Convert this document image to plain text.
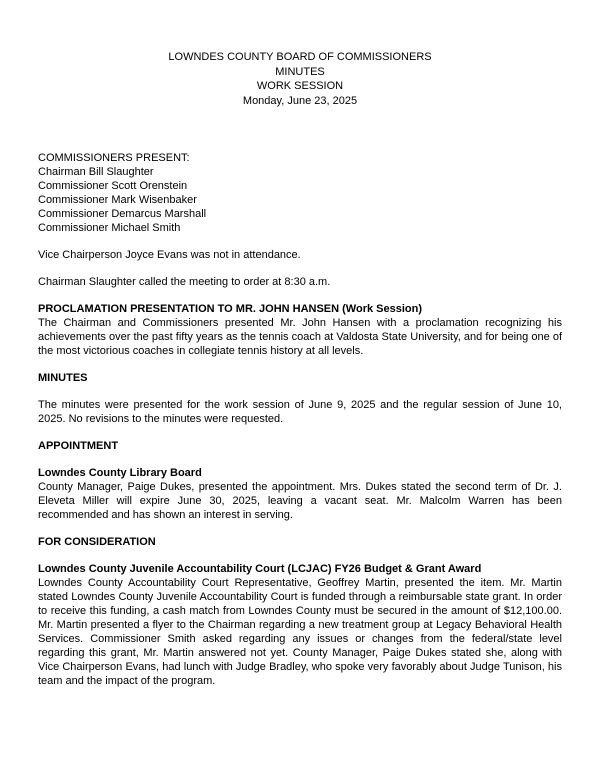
LOWNDES COUNTY BOARD OF COMMISSIONERS
MINUTES
WORK SESSION
Monday, June 23, 2025
COMMISSIONERS PRESENT:
Chairman Bill Slaughter
Commissioner Scott Orenstein
Commissioner Mark Wisenbaker
Commissioner Demarcus Marshall
Commissioner Michael Smith

Vice Chairperson Joyce Evans was not in attendance.

Chairman Slaughter called the meeting to order at 8:30 a.m.

PROCLAMATION PRESENTATION TO MR. JOHN HANSEN (Work Session)

The Chairman and Commissioners presented Mr. John Hansen with a proclamation recognizing his achievements over the past fifty years as the tennis coach at Valdosta State University, and for being one of the most victorious coaches in collegiate tennis history at all levels.

MINUTES

The minutes were presented for the work session of June 9, 2025 and the regular session of June 10, 2025. No revisions to the minutes were requested.

APPOINTMENT
Lowndes County Library Board

County Manager, Paige Dukes, presented the appointment. Mrs. Dukes stated the second term of Dr. J. Eleveta Miller will expire June 30, 2025, leaving a vacant seat. Mr. Malcolm Warren has been recommended and has shown an interest in serving.

FOR CONSIDERATION
Lowndes County Juvenile Accountability Court (LCJAC) FY26 Budget & Grant Award

Lowndes County Accountability Court Representative, Geoffrey Martin, presented the item. Mr. Martin stated Lowndes County Juvenile Accountability Court is funded through a reimbursable state grant. In order to receive this funding, a cash match from Lowndes County must be secured in the amount of $12,100.00. Mr. Martin presented a flyer to the Chairman regarding a new treatment group at Legacy Behavioral Health Services. Commissioner Smith asked regarding any issues or changes from the federal/state level regarding this grant, Mr. Martin answered not yet. County Manager, Paige Dukes stated she, along with Vice Chairperson Evans, had lunch with Judge Bradley, who spoke very favorably about Judge Tunison, his team and the impact of the program.
